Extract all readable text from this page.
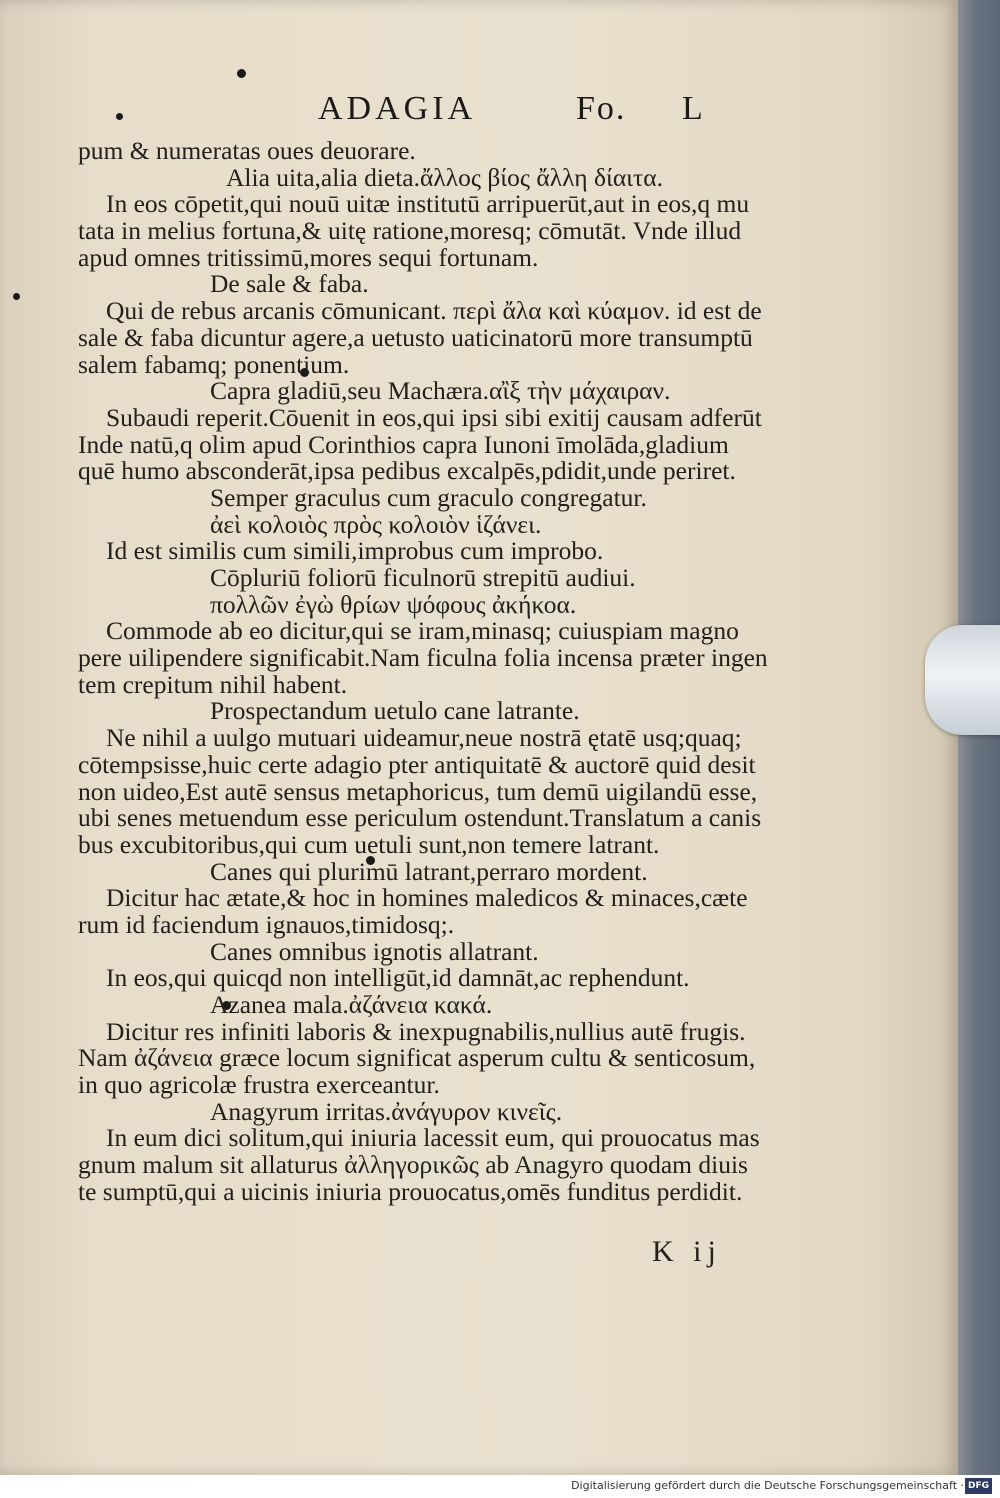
ADAGIA	Fo. L
pum & numeratas oues deuorare.
Alia uita,alia dieta.ἄλλος βίος ἄλλη δίαιτα.
In eos cōpetit,qui nouū uitæ institutū arripuerūt,aut in eos,q mu
tata in melius fortuna,& uitę ratione,moresq; cōmutāt. Vnde illud
apud omnes tritissimū,mores sequi fortunam.
De sale & faba.
Qui de rebus arcanis cōmunicant. περὶ ἄλα καὶ κύαμον. id est de
sale & faba dicuntur agere,a uetusto uaticinatorū more transumptū
salem fabamq; ponentium.
Capra gladiū,seu Machæra.αἲξ τὴν μάχαιραν.
Subaudi reperit.Cōuenit in eos,qui ipsi sibi exitij causam adferūt
Inde natū,q olim apud Corinthios capra Iunoni īmolāda,gladium
quē humo absconderāt,ipsa pedibus excalpēs,pdidit,unde periret.
Semper graculus cum graculo congregatur.
ἀεὶ κολοιὸς πρὸς κολοιὸν ἱζάνει.
Id est similis cum simili,improbus cum improbo.
Cōpluriū foliorū ficulnorū strepitū audiui.
πολλῶν ἐγὼ θρίων ψόφους ἀκήκοα.
Commode ab eo dicitur,qui se iram,minasq; cuiuspiam magno
pere uilipendere significabit.Nam ficulna folia incensa præter ingen
tem crepitum nihil habent.
Prospectandum uetulo cane latrante.
Ne nihil a uulgo mutuari uideamur,neue nostrā ętatē usq;quaq;
cōtempsisse,huic certe adagio pter antiquitatē & auctorē quid desit
non uideo,Est autē sensus metaphoricus, tum demū uigilandū esse,
ubi senes metuendum esse periculum ostendunt.Translatum a canis
bus excubitoribus,qui cum uetuli sunt,non temere latrant.
Canes qui plurimū latrant,perraro mordent.
Dicitur hac ætate,& hoc in homines maledicos & minaces,cæte
rum id faciendum ignauos,timidosq;.
Canes omnibus ignotis allatrant.
In eos,qui quicqd non intelligūt,id damnāt,ac rephendunt.
Azanea mala.ἀζάνεια κακά.
Dicitur res infiniti laboris & inexpugnabilis,nullius autē frugis.
Nam ἀζάνεια græce locum significat asperum cultu & senticosum,
in quo agricolæ frustra exerceantur.
Anagyrum irritas.ἀνάγυρον κινεῖς.
In eum dici solitum,qui iniuria lacessit eum, qui prouocatus mas
gnum malum sit allaturus ἀλληγορικῶς ab Anagyro quodam diuis
te sumptū,qui a uicinis iniuria prouocatus,omēs funditus perdidit.
K ij
Digitalisierung gefördert durch die Deutsche Forschungsgemeinschaft · DFG
